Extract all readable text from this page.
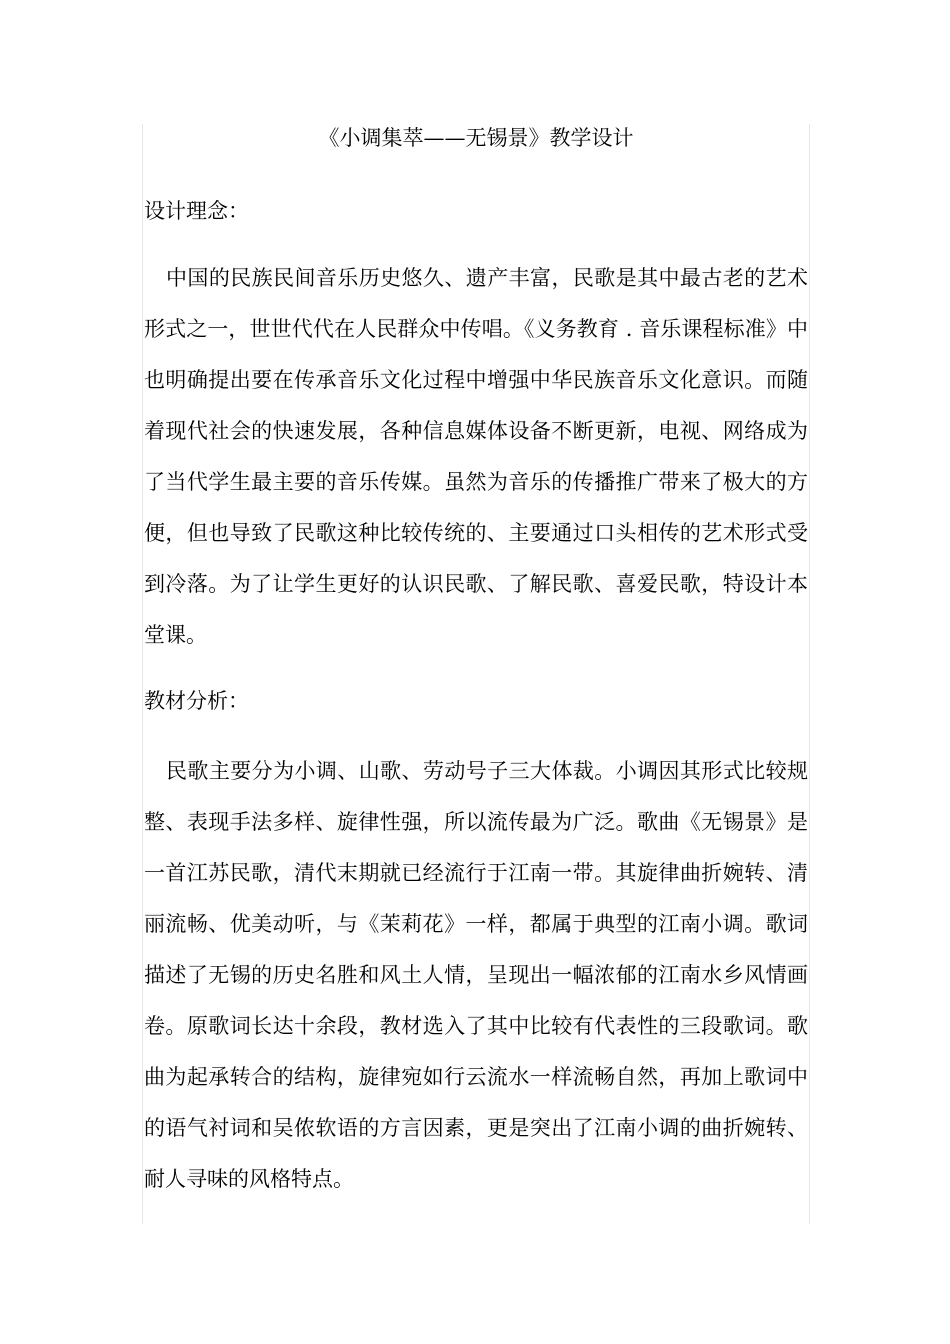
《小调集萃——无锡景》教学设计
设计理念：

中国的民族民间音乐历史悠久、遗产丰富，民歌是其中最古老的艺术形式之一，世世代代在人民群众中传唱。《义务教育 . 音乐课程标准》中也明确提出要在传承音乐文化过程中增强中华民族音乐文化意识。而随着现代社会的快速发展，各种信息媒体设备不断更新，电视、网络成为了当代学生最主要的音乐传媒。虽然为音乐的传播推广带来了极大的方便，但也导致了民歌这种比较传统的、主要通过口头相传的艺术形式受到冷落。为了让学生更好的认识民歌、了解民歌、喜爱民歌，特设计本堂课。

教材分析：

民歌主要分为小调、山歌、劳动号子三大体裁。小调因其形式比较规整、表现手法多样、旋律性强，所以流传最为广泛。歌曲《无锡景》是一首江苏民歌，清代末期就已经流行于江南一带。其旋律曲折婉转、清丽流畅、优美动听，与《茉莉花》一样，都属于典型的江南小调。歌词描述了无锡的历史名胜和风土人情，呈现出一幅浓郁的江南水乡风情画卷。原歌词长达十余段，教材选入了其中比较有代表性的三段歌词。歌曲为起承转合的结构，旋律宛如行云流水一样流畅自然，再加上歌词中的语气衬词和吴侬软语的方言因素，更是突出了江南小调的曲折婉转、耐人寻味的风格特点。
